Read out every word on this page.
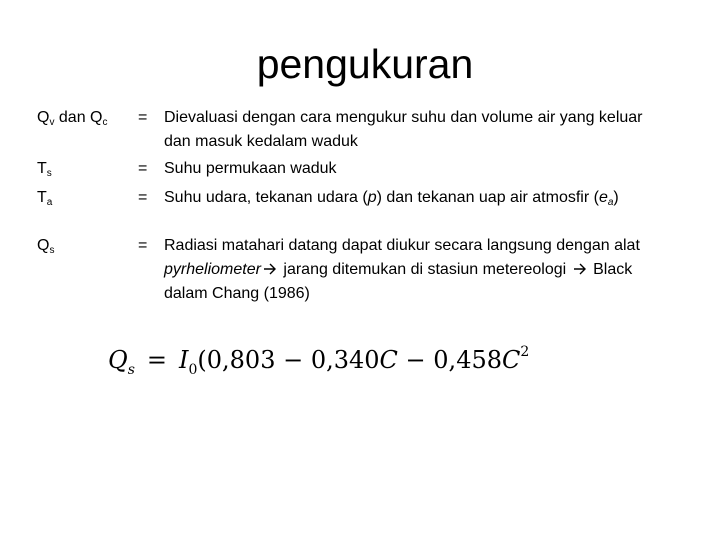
pengukuran
$Q_v$ dan $Q_c$ = Dievaluasi dengan cara mengukur suhu dan volume air yang keluar dan masuk kedalam waduk
$T_s$	= Suhu permukaan waduk
$T_a$	= Suhu udara, tekanan udara (p) dan tekanan uap air atmosfir $(e_a)$
$Q_s$	= Radiasi matahari datang dapat diukur secara langsung dengan alat pyrheliometer jarang ditemukan di stasiun metereologi  Black dalam Chang (1986)
$Q_s = I_0(0,803 - 0,340C - 0,458C^2$
